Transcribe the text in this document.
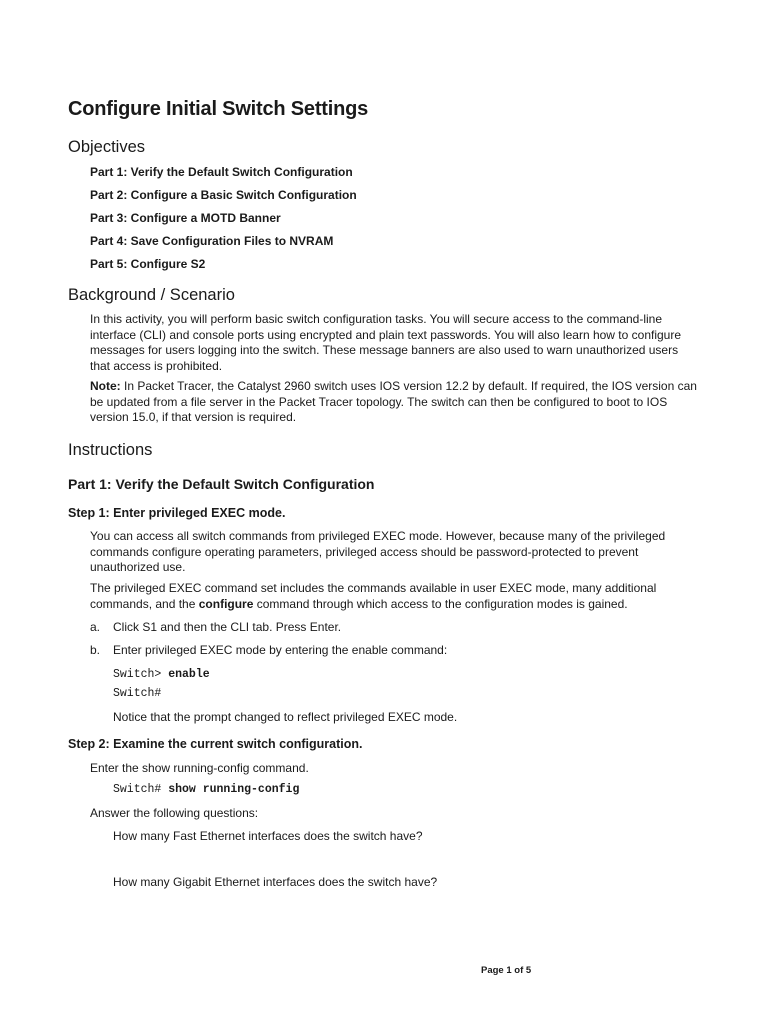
Configure Initial Switch Settings
Objectives

Part 1: Verify the Default Switch Configuration

Part 2: Configure a Basic Switch Configuration

Part 3: Configure a MOTD Banner

Part 4: Save Configuration Files to NVRAM

Part 5: Configure S2

Background / Scenario

In this activity, you will perform basic switch configuration tasks. You will secure access to the command-line interface (CLI) and console ports using encrypted and plain text passwords. You will also learn how to configure messages for users logging into the switch. These message banners are also used to warn unauthorized users that access is prohibited.

Note: In Packet Tracer, the Catalyst 2960 switch uses IOS version 12.2 by default. If required, the IOS version can be updated from a file server in the Packet Tracer topology. The switch can then be configured to boot to IOS version 15.0, if that version is required.

Instructions
Part 1: Verify the Default Switch Configuration
Step 1: Enter privileged EXEC mode.

You can access all switch commands from privileged EXEC mode. However, because many of the privileged commands configure operating parameters, privileged access should be password-protected to prevent unauthorized use.

The privileged EXEC command set includes the commands available in user EXEC mode, many additional commands, and the configure command through which access to the configuration modes is gained.

a. Click S1 and then the CLI tab. Press Enter.

b. Enter privileged EXEC mode by entering the enable command:

Switch> enable

Switch#

Notice that the prompt changed to reflect privileged EXEC mode.

Step 2: Examine the current switch configuration.

Enter the show running-config command.

Switch# show running-config

Answer the following questions:

How many Fast Ethernet interfaces does the switch have?

How many Gigabit Ethernet interfaces does the switch have?

Page 1 of 5
